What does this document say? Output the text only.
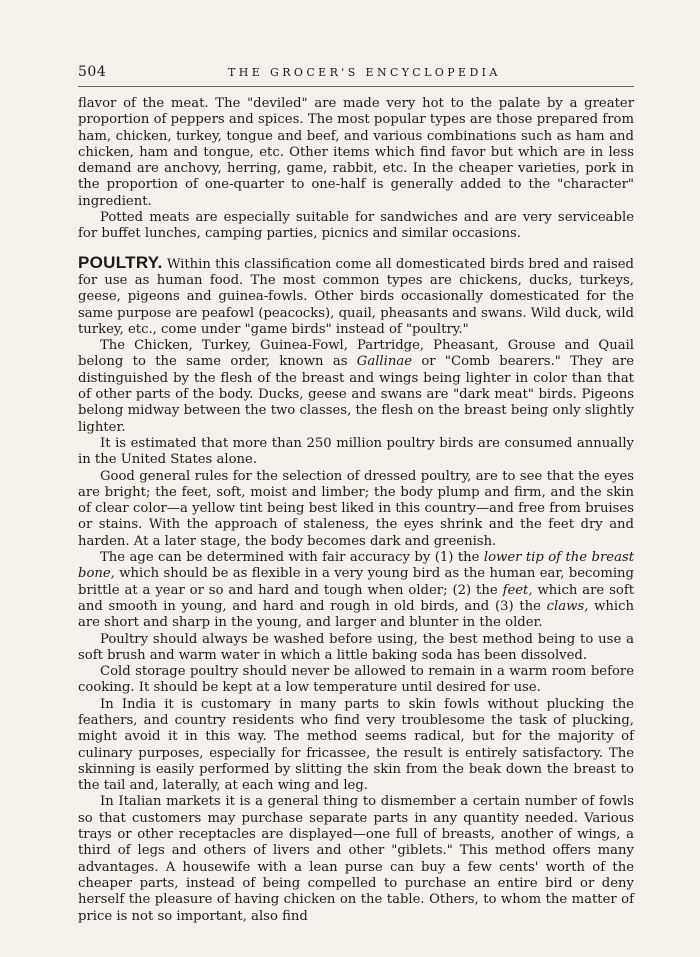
504	THE GROCER'S ENCYCLOPEDIA

flavor of the meat. The "deviled" are made very hot to the palate by a greater proportion of peppers and spices. The most popular types are those prepared from ham, chicken, turkey, tongue and beef, and various combinations such as ham and chicken, ham and tongue, etc. Other items which find favor but which are in less demand are anchovy, herring, game, rabbit, etc. In the cheaper varieties, pork in the proportion of one-quarter to one-half is generally added to the "character" ingredient.

Potted meats are especially suitable for sandwiches and are very serviceable for buffet lunches, camping parties, picnics and similar occasions.

POULTRY. Within this classification come all domesticated birds bred and raised for use as human food. The most common types are chickens, ducks, turkeys, geese, pigeons and guinea-fowls. Other birds occasionally domesticated for the same purpose are peafowl (peacocks), quail, pheasants and swans. Wild duck, wild turkey, etc., come under "game birds" instead of "poultry."

The Chicken, Turkey, Guinea-Fowl, Partridge, Pheasant, Grouse and Quail belong to the same order, known as Gallinae or "Comb bearers." They are distinguished by the flesh of the breast and wings being lighter in color than that of other parts of the body. Ducks, geese and swans are "dark meat" birds. Pigeons belong midway between the two classes, the flesh on the breast being only slightly lighter.

It is estimated that more than 250 million poultry birds are consumed annually in the United States alone.

Good general rules for the selection of dressed poultry, are to see that the eyes are bright; the feet, soft, moist and limber; the body plump and firm, and the skin of clear color—a yellow tint being best liked in this country—and free from bruises or stains. With the approach of staleness, the eyes shrink and the feet dry and harden. At a later stage, the body becomes dark and greenish.

The age can be determined with fair accuracy by (1) the lower tip of the breast bone, which should be as flexible in a very young bird as the human ear, becoming brittle at a year or so and hard and tough when older; (2) the feet, which are soft and smooth in young, and hard and rough in old birds, and (3) the claws, which are short and sharp in the young, and larger and blunter in the older.

Poultry should always be washed before using, the best method being to use a soft brush and warm water in which a little baking soda has been dissolved.

Cold storage poultry should never be allowed to remain in a warm room before cooking. It should be kept at a low temperature until desired for use.

In India it is customary in many parts to skin fowls without plucking the feathers, and country residents who find very troublesome the task of plucking, might avoid it in this way. The method seems radical, but for the majority of culinary purposes, especially for fricassee, the result is entirely satisfactory. The skinning is easily performed by slitting the skin from the beak down the breast to the tail and, laterally, at each wing and leg.

In Italian markets it is a general thing to dismember a certain number of fowls so that customers may purchase separate parts in any quantity needed. Various trays or other receptacles are displayed—one full of breasts, another of wings, a third of legs and others of livers and other "giblets." This method offers many advantages. A housewife with a lean purse can buy a few cents' worth of the cheaper parts, instead of being compelled to purchase an entire bird or deny herself the pleasure of having chicken on the table. Others, to whom the matter of price is not so important, also find
